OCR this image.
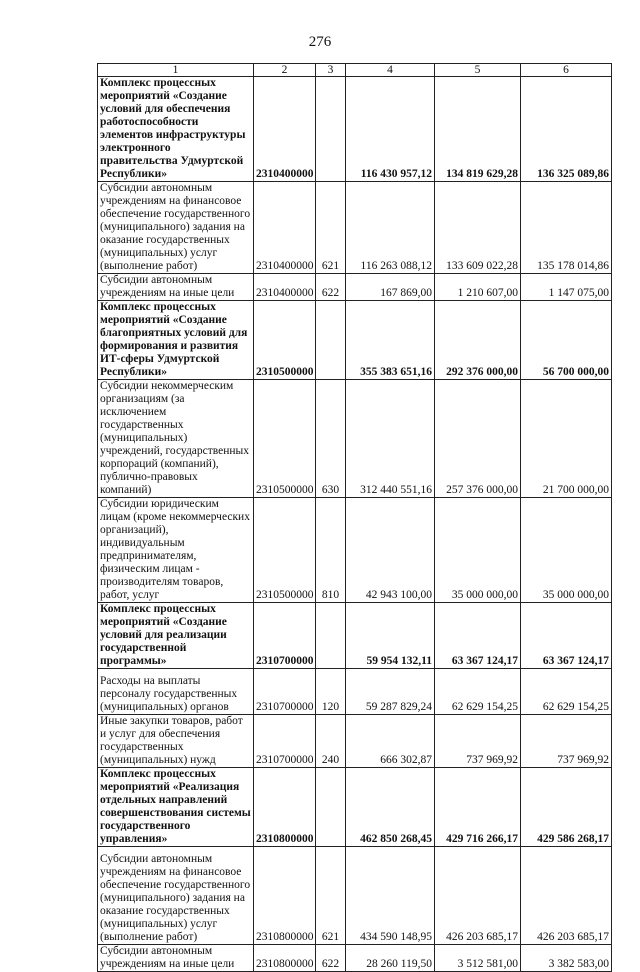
276
1	2	3	4	5	6
Комплекс процессных мероприятий «Создание условий для обеспечения работоспособности элементов инфраструктуры электронного правительства Удмуртской Республики»	2310400000		116 430 957,12	134 819 629,28	136 325 089,86
Субсидии автономным учреждениям на финансовое обеспечение государственного (муниципального) задания на оказание государственных (муниципальных) услуг (выполнение работ)	2310400000	621	116 263 088,12	133 609 022,28	135 178 014,86
Субсидии автономным учреждениям на иные цели	2310400000	622	167 869,00	1 210 607,00	1 147 075,00
Комплекс процессных мероприятий «Создание благоприятных условий для формирования и развития ИТ-сферы Удмуртской Республики»	2310500000		355 383 651,16	292 376 000,00	56 700 000,00
Субсидии некоммерческим организациям (за исключением государственных (муниципальных) учреждений, государственных корпораций (компаний), публично-правовых компаний)	2310500000	630	312 440 551,16	257 376 000,00	21 700 000,00
Субсидии юридическим лицам (кроме некоммерческих организаций), индивидуальным предпринимателям, физическим лицам - производителям товаров, работ, услуг	2310500000	810	42 943 100,00	35 000 000,00	35 000 000,00
Комплекс процессных мероприятий «Создание условий для реализации государственной программы»	2310700000		59 954 132,11	63 367 124,17	63 367 124,17
Расходы на выплаты персоналу государственных (муниципальных) органов	2310700000	120	59 287 829,24	62 629 154,25	62 629 154,25
Иные закупки товаров, работ и услуг для обеспечения государственных (муниципальных) нужд	2310700000	240	666 302,87	737 969,92	737 969,92
Комплекс процессных мероприятий «Реализация отдельных направлений совершенствования системы государственного управления»	2310800000		462 850 268,45	429 716 266,17	429 586 268,17
Субсидии автономным учреждениям на финансовое обеспечение государственного (муниципального) задания на оказание государственных (муниципальных) услуг (выполнение работ)	2310800000	621	434 590 148,95	426 203 685,17	426 203 685,17
Субсидии автономным учреждениям на иные цели	2310800000	622	28 260 119,50	3 512 581,00	3 382 583,00
